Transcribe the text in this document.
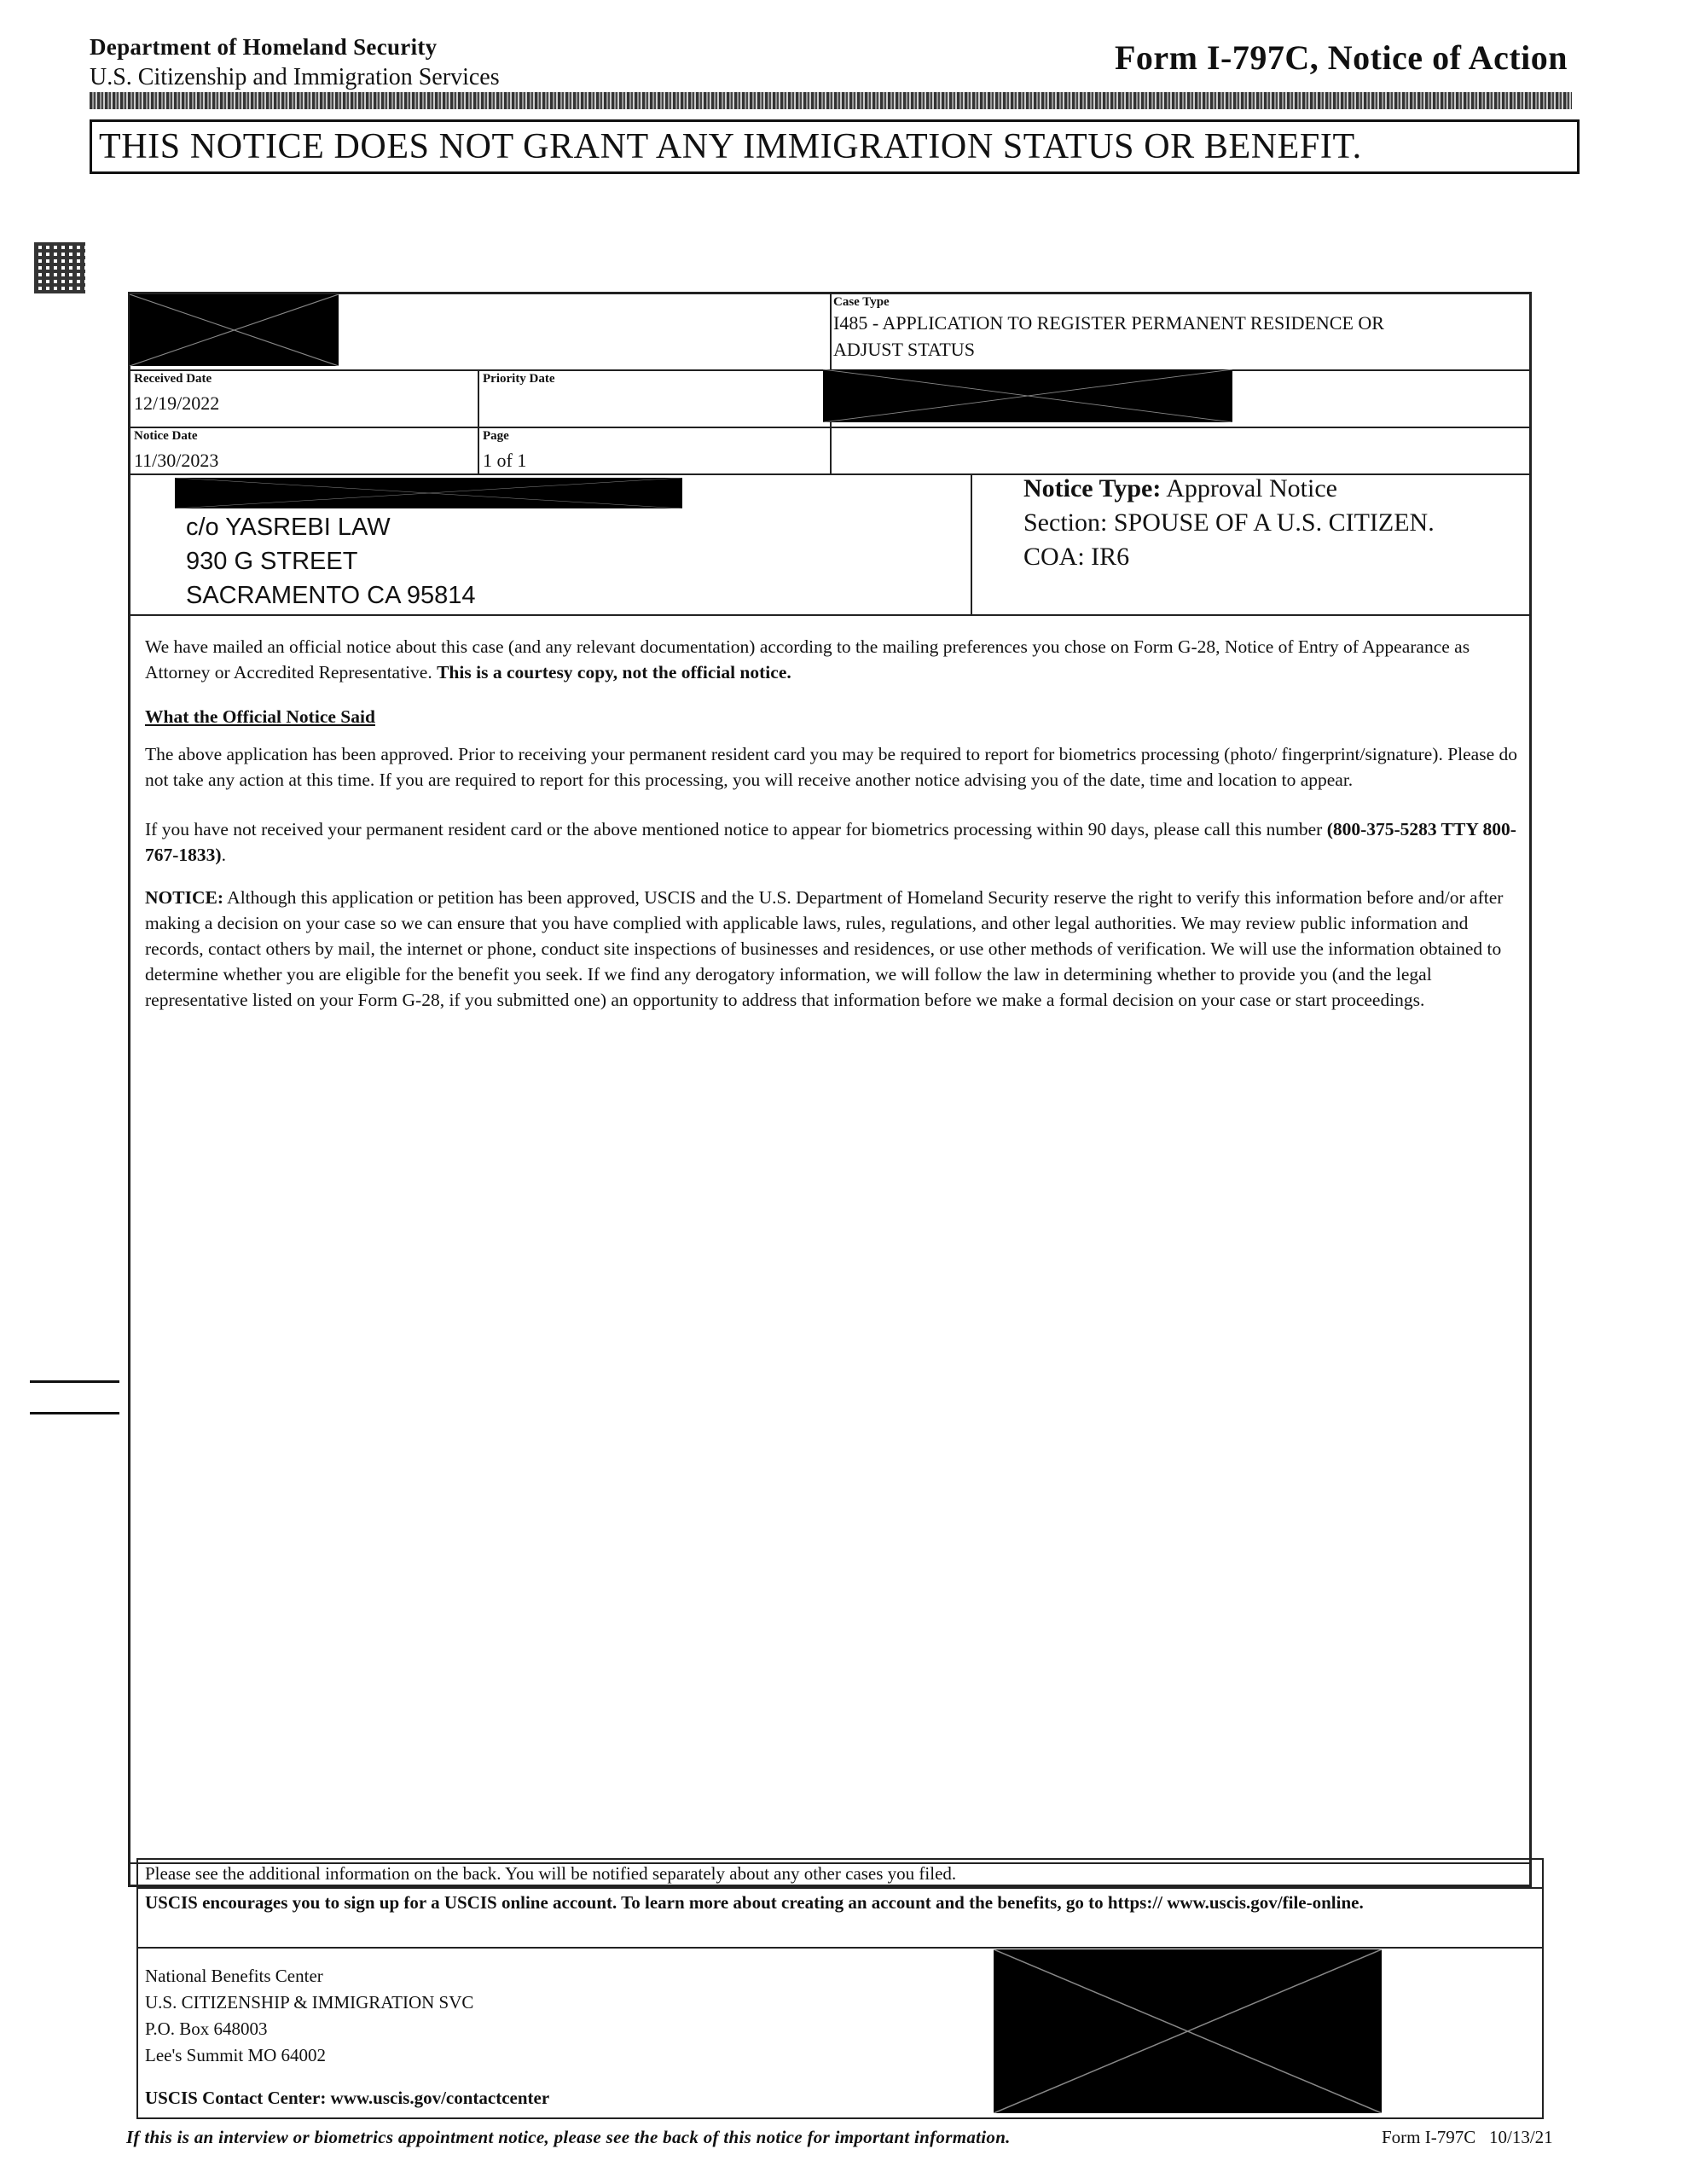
Department of Homeland Security
U.S. Citizenship and Immigration Services
Form I-797C, Notice of Action
THIS NOTICE DOES NOT GRANT ANY IMMIGRATION STATUS OR BENEFIT.
Case Type
I485 - APPLICATION TO REGISTER PERMANENT RESIDENCE OR
ADJUST STATUS
Received Date
12/19/2022
Priority Date
Notice Date
11/30/2023
Page
1 of 1
c/o YASREBI LAW
930 G STREET
SACRAMENTO CA 95814
Notice Type: Approval Notice
Section: SPOUSE OF A U.S. CITIZEN.
COA: IR6

We have mailed an official notice about this case (and any relevant documentation) according to the mailing preferences you chose on Form G-28, Notice of Entry of Appearance as Attorney or Accredited Representative. This is a courtesy copy, not the official notice.

What the Official Notice Said

The above application has been approved. Prior to receiving your permanent resident card you may be required to report for biometrics processing (photo/ fingerprint/signature). Please do not take any action at this time. If you are required to report for this processing, you will receive another notice advising you of the date, time and location to appear.

If you have not received your permanent resident card or the above mentioned notice to appear for biometrics processing within 90 days, please call this number (800-375-5283 TTY 800-767-1833).

NOTICE: Although this application or petition has been approved, USCIS and the U.S. Department of Homeland Security reserve the right to verify this information before and/or after making a decision on your case so we can ensure that you have complied with applicable laws, rules, regulations, and other legal authorities. We may review public information and records, contact others by mail, the internet or phone, conduct site inspections of businesses and residences, or use other methods of verification. We will use the information obtained to determine whether you are eligible for the benefit you seek. If we find any derogatory information, we will follow the law in determining whether to provide you (and the legal representative listed on your Form G-28, if you submitted one) an opportunity to address that information before we make a formal decision on your case or start proceedings.

Please see the additional information on the back. You will be notified separately about any other cases you filed.
USCIS encourages you to sign up for a USCIS online account. To learn more about creating an account and the benefits, go to https:// www.uscis.gov/file-online.
National Benefits Center
U.S. CITIZENSHIP & IMMIGRATION SVC
P.O. Box 648003
Lee's Summit MO 64002
USCIS Contact Center: www.uscis.gov/contactcenter
If this is an interview or biometrics appointment notice, please see the back of this notice for important information.	Form I-797C   10/13/21
